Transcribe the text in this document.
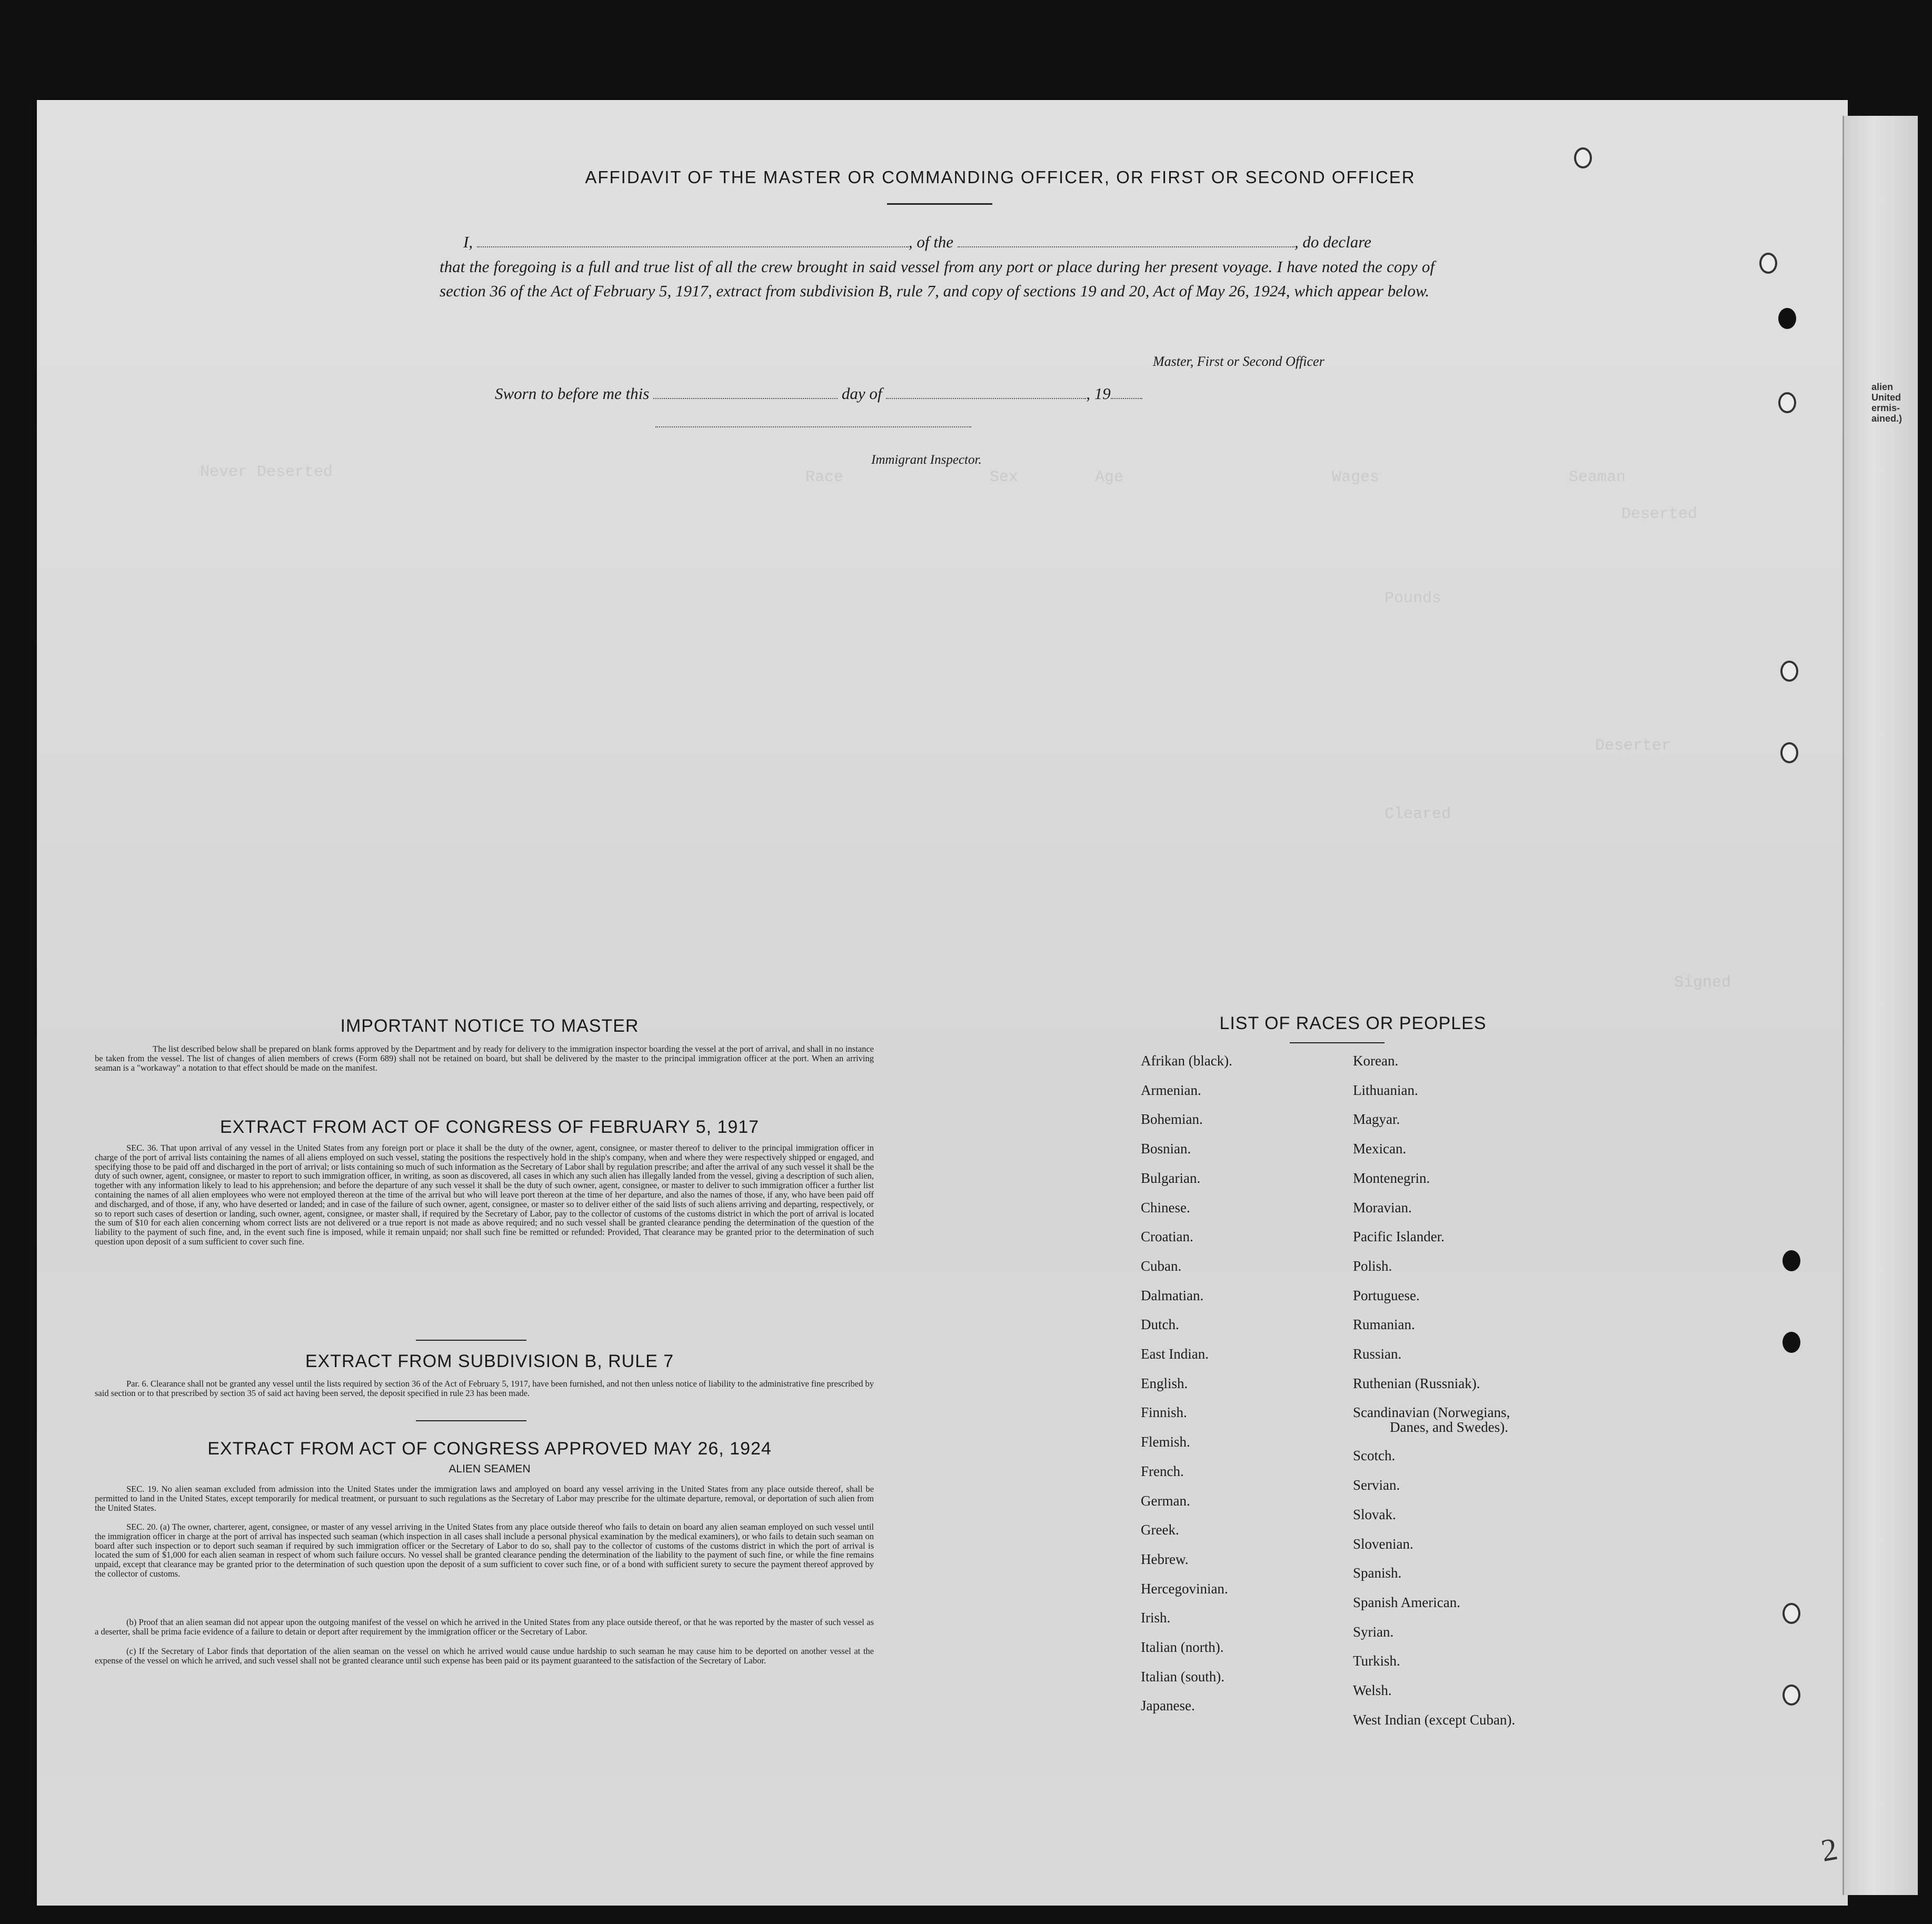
alien United ermis- ained.)
AFFIDAVIT OF THE MASTER OR COMMANDING OFFICER, OR FIRST OR SECOND OFFICER
I,	, of the	, do declare
that the foregoing is a full and true list of all the crew brought in said vessel from any port or place during her present voyage. I have noted the copy of section 36 of the Act of February 5, 1917, extract from subdivision B, rule 7, and copy of sections 19 and 20, Act of May 26, 1924, which appear below.
Master, First or Second Officer
Sworn to before me this	day of	, 19
Immigrant Inspector.
IMPORTANT NOTICE TO MASTER
The list described below shall be prepared on blank forms approved by the Department and by ready for delivery to the immigration inspector boarding the vessel at the port of arrival, and shall in no instance be taken from the vessel. The list of changes of alien members of crews (Form 689) shall not be retained on board, but shall be delivered by the master to the principal immigration officer at the port. When an arriving seaman is a "workaway" a notation to that effect should be made on the manifest.
EXTRACT FROM ACT OF CONGRESS OF FEBRUARY 5, 1917
SEC. 36. That upon arrival of any vessel in the United States from any foreign port or place it shall be the duty of the owner, agent, consignee, or master thereof to deliver to the principal immigration officer in charge of the port of arrival lists containing the names of all aliens employed on such vessel, stating the positions the respectively hold in the ship's company, when and where they were respectively shipped or engaged, and specifying those to be paid off and discharged in the port of arrival; or lists containing so much of such information as the Secretary of Labor shall by regulation prescribe; and after the arrival of any such vessel it shall be the duty of such owner, agent, consignee, or master to report to such immigration officer, in writing, as soon as discovered, all cases in which any such alien has illegally landed from the vessel, giving a description of such alien, together with any information likely to lead to his apprehension; and before the departure of any such vessel it shall be the duty of such owner, agent, consignee, or master to deliver to such immigration officer a further list containing the names of all alien employees who were not employed thereon at the time of the arrival but who will leave port thereon at the time of her departure, and also the names of those, if any, who have been paid off and discharged, and of those, if any, who have deserted or landed; and in case of the failure of such owner, agent, consignee, or master so to deliver either of the said lists of such aliens arriving and departing, respectively, or so to report such cases of desertion or landing, such owner, agent, consignee, or master shall, if required by the Secretary of Labor, pay to the collector of customs of the customs district in which the port of arrival is located the sum of $10 for each alien concerning whom correct lists are not delivered or a true report is not made as above required; and no such vessel shall be granted clearance pending the determination of the question of the liability to the payment of such fine, and, in the event such fine is imposed, while it remain unpaid; nor shall such fine be remitted or refunded: Provided, That clearance may be granted prior to the determination of such question upon deposit of a sum sufficient to cover such fine.
EXTRACT FROM SUBDIVISION B, RULE 7
Par. 6. Clearance shall not be granted any vessel until the lists required by section 36 of the Act of February 5, 1917, have been furnished, and not then unless notice of liability to the administrative fine prescribed by said section or to that prescribed by section 35 of said act having been served, the deposit specified in rule 23 has been made.
EXTRACT FROM ACT OF CONGRESS APPROVED MAY 26, 1924
ALIEN SEAMEN
SEC. 19. No alien seaman excluded from admission into the United States under the immigration laws and amployed on board any vessel arriving in the United States from any place outside thereof, shall be permitted to land in the United States, except temporarily for medical treatment, or pursuant to such regulations as the Secretary of Labor may prescribe for the ultimate departure, removal, or deportation of such alien from the United States.
SEC. 20. (a) The owner, charterer, agent, consignee, or master of any vessel arriving in the United States from any place outside thereof who fails to detain on board any alien seaman employed on such vessel until the immigration officer in charge at the port of arrival has inspected such seaman (which inspection in all cases shall include a personal physical examination by the medical examiners), or who fails to detain such seaman on board after such inspection or to deport such seaman if required by such immigration officer or the Secretary of Labor to do so, shall pay to the collector of customs of the customs district in which the port of arrival is located the sum of $1,000 for each alien seaman in respect of whom such failure occurs. No vessel shall be granted clearance pending the determination of the liability to the payment of such fine, or while the fine remains unpaid, except that clearance may be granted prior to the determination of such question upon the deposit of a sum sufficient to cover such fine, or of a bond with sufficient surety to secure the payment thereof approved by the collector of customs.
(b) Proof that an alien seaman did not appear upon the outgoing manifest of the vessel on which he arrived in the United States from any place outside thereof, or that he was reported by the master of such vessel as a deserter, shall be prima facie evidence of a failure to detain or deport after requirement by the immigration officer or the Secretary of Labor.
(c) If the Secretary of Labor finds that deportation of the alien seaman on the vessel on which he arrived would cause undue hardship to such seaman he may cause him to be deported on another vessel at the expense of the vessel on which he arrived, and such vessel shall not be granted clearance until such expense has been paid or its payment guaranteed to the satisfaction of the Secretary of Labor.
LIST OF RACES OR PEOPLES
Afrikan (black).
Armenian.
Bohemian.
Bosnian.
Bulgarian.
Chinese.
Croatian.
Cuban.
Dalmatian.
Dutch.
East Indian.
English.
Finnish.
Flemish.
French.
German.
Greek.
Hebrew.
Hercegovinian.
Irish.
Italian (north).
Italian (south).
Japanese.
Korean.
Lithuanian.
Magyar.
Mexican.
Montenegrin.
Moravian.
Pacific Islander.
Polish.
Portuguese.
Rumanian.
Russian.
Ruthenian (Russniak).
Scandinavian (Norwegians,
Danes, and Swedes).
Scotch.
Servian.
Slovak.
Slovenian.
Spanish.
Spanish American.
Syrian.
Turkish.
Welsh.
West Indian (except Cuban).
2
